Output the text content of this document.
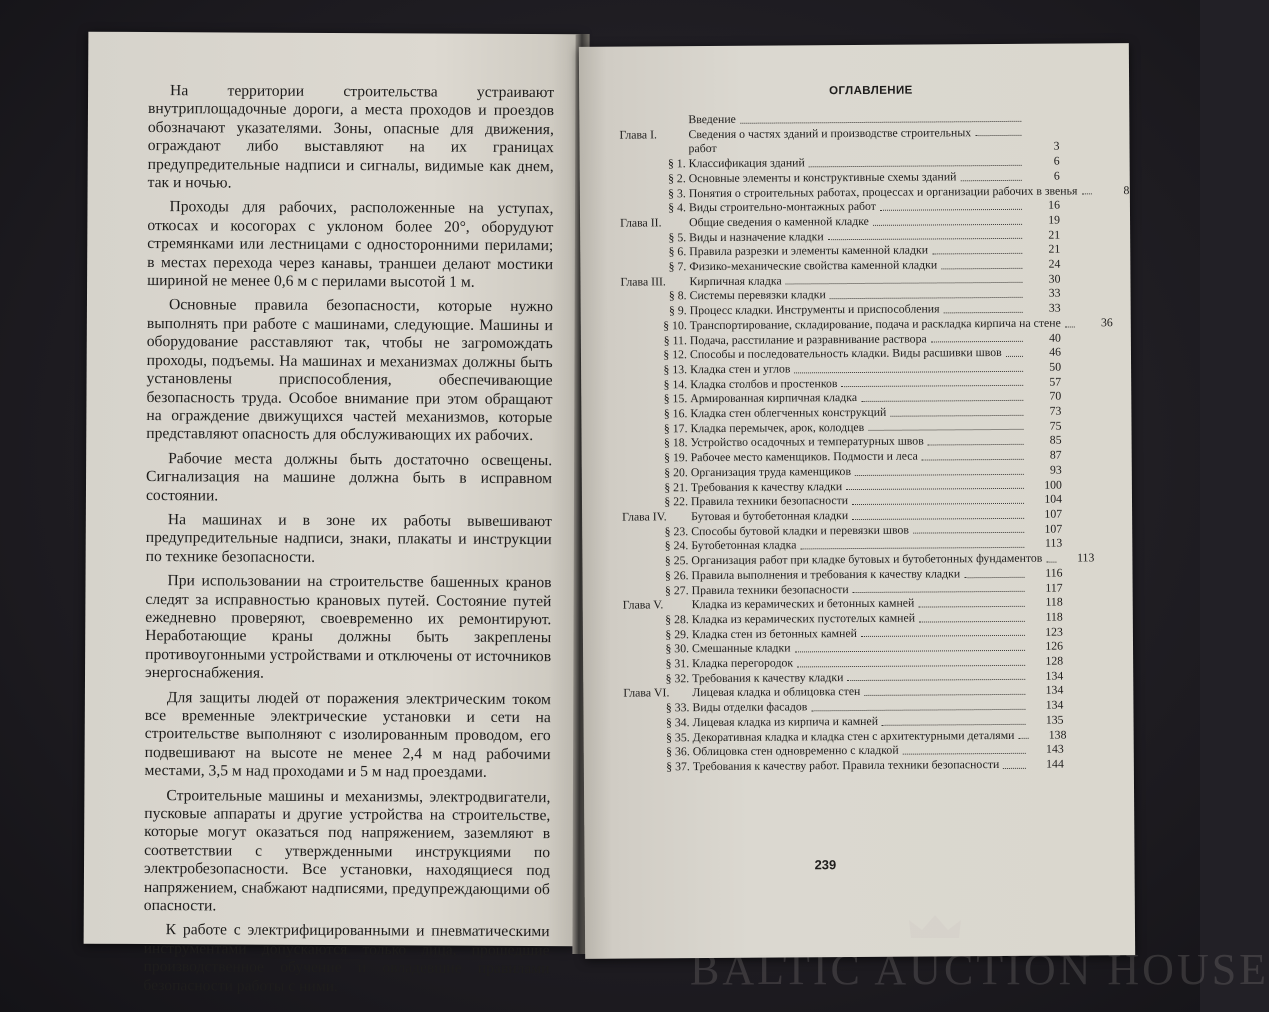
На территории строительства устраивают внутриплощадочные дороги, а места проходов и проездов обозначают указателями. Зоны, опасные для движения, ограждают либо выставляют на их границах предупредительные надписи и сигналы, видимые как днем, так и ночью.

Проходы для рабочих, расположенные на уступах, откосах и косогорах с уклоном более 20°, оборудуют стремянками или лестницами с односторонними перилами; в местах перехода через канавы, траншеи делают мостики шириной не менее 0,6 м с перилами высотой 1 м.

Основные правила безопасности, которые нужно выполнять при работе с машинами, следующие. Машины и оборудование расставляют так, чтобы не загромождать проходы, подъемы. На машинах и механизмах должны быть установлены приспособления, обеспечивающие безопасность труда. Особое внимание при этом обращают на ограждение движущихся частей механизмов, которые представляют опасность для обслуживающих их рабочих.

Рабочие места должны быть достаточно освещены. Сигнализация на машине должна быть в исправном состоянии.

На машинах и в зоне их работы вывешивают предупредительные надписи, знаки, плакаты и инструкции по технике безопасности.

При использовании на строительстве башенных кранов следят за исправностью крановых путей. Состояние путей ежедневно проверяют, своевременно их ремонтируют. Неработающие краны должны быть закреплены противоугонными устройствами и отключены от источников энергоснабжения.

Для защиты людей от поражения электрическим током все временные электрические установки и сети на строительстве выполняют с изолированным проводом, его подвешивают на высоте не менее 2,4 м над рабочими местами, 3,5 м над проходами и 5 м над проездами.

Строительные машины и механизмы, электродвигатели, пусковые аппараты и другие устройства на строительстве, которые могут оказаться под напряжением, заземляют в соответствии с утвержденными инструкциями по электробезопасности. Все установки, находящиеся под напряжением, снабжают надписями, предупреждающими об опасности.

К работе с электрифицированными и пневматическими инструментами допускаются только лица, прошедшие производственное обучение и овладевшие правилами безопасности работы с ними.

ОГЛАВЛЕНИЕ
Введение
Глава I.	Сведения о частях зданий и производстве строительных
работ	3
§ 1. Классификация зданий	6
§ 2. Основные элементы и конструктивные схемы зданий	6
§ 3. Понятия о строительных работах, процессах и организации рабочих в звенья	8
§ 4. Виды строительно-монтажных работ	16
Глава II.	Общие сведения о каменной кладке	19
§ 5. Виды и назначение кладки	21
§ 6. Правила разрезки и элементы каменной кладки	21
§ 7. Физико-механические свойства каменной кладки	24
Глава III.	Кирпичная кладка	30
§ 8. Системы перевязки кладки	33
§ 9. Процесс кладки. Инструменты и приспособления	33
§ 10. Транспортирование, складирование, подача и раскладка кирпича на стене	36
§ 11. Подача, расстилание и разравнивание раствора	40
§ 12. Способы и последовательность кладки. Виды расшивки швов	46
§ 13. Кладка стен и углов	50
§ 14. Кладка столбов и простенков	57
§ 15. Армированная кирпичная кладка	70
§ 16. Кладка стен облегченных конструкций	73
§ 17. Кладка перемычек, арок, колодцев	75
§ 18. Устройство осадочных и температурных швов	85
§ 19. Рабочее место каменщиков. Подмости и леса	87
§ 20. Организация труда каменщиков	93
§ 21. Требования к качеству кладки	100
§ 22. Правила техники безопасности	104
Глава IV.	Бутовая и бутобетонная кладки	107
§ 23. Способы бутовой кладки и перевязки швов	107
§ 24. Бутобетонная кладка	113
§ 25. Организация работ при кладке бутовых и бутобетонных фундаментов	113
§ 26. Правила выполнения и требования к качеству кладки	116
§ 27. Правила техники безопасности	117
Глава V.	Кладка из керамических и бетонных камней	118
§ 28. Кладка из керамических пустотелых камней	118
§ 29. Кладка стен из бетонных камней	123
§ 30. Смешанные кладки	126
§ 31. Кладка перегородок	128
§ 32. Требования к качеству кладки	134
Глава VI.	Лицевая кладка и облицовка стен	134
§ 33. Виды отделки фасадов	134
§ 34. Лицевая кладка из кирпича и камней	135
§ 35. Декоративная кладка и кладка стен с архитектурными деталями	138
§ 36. Облицовка стен одновременно с кладкой	143
§ 37. Требования к качеству работ. Правила техники безопасности	144
239
BALTIC AUCTION HOUSE
